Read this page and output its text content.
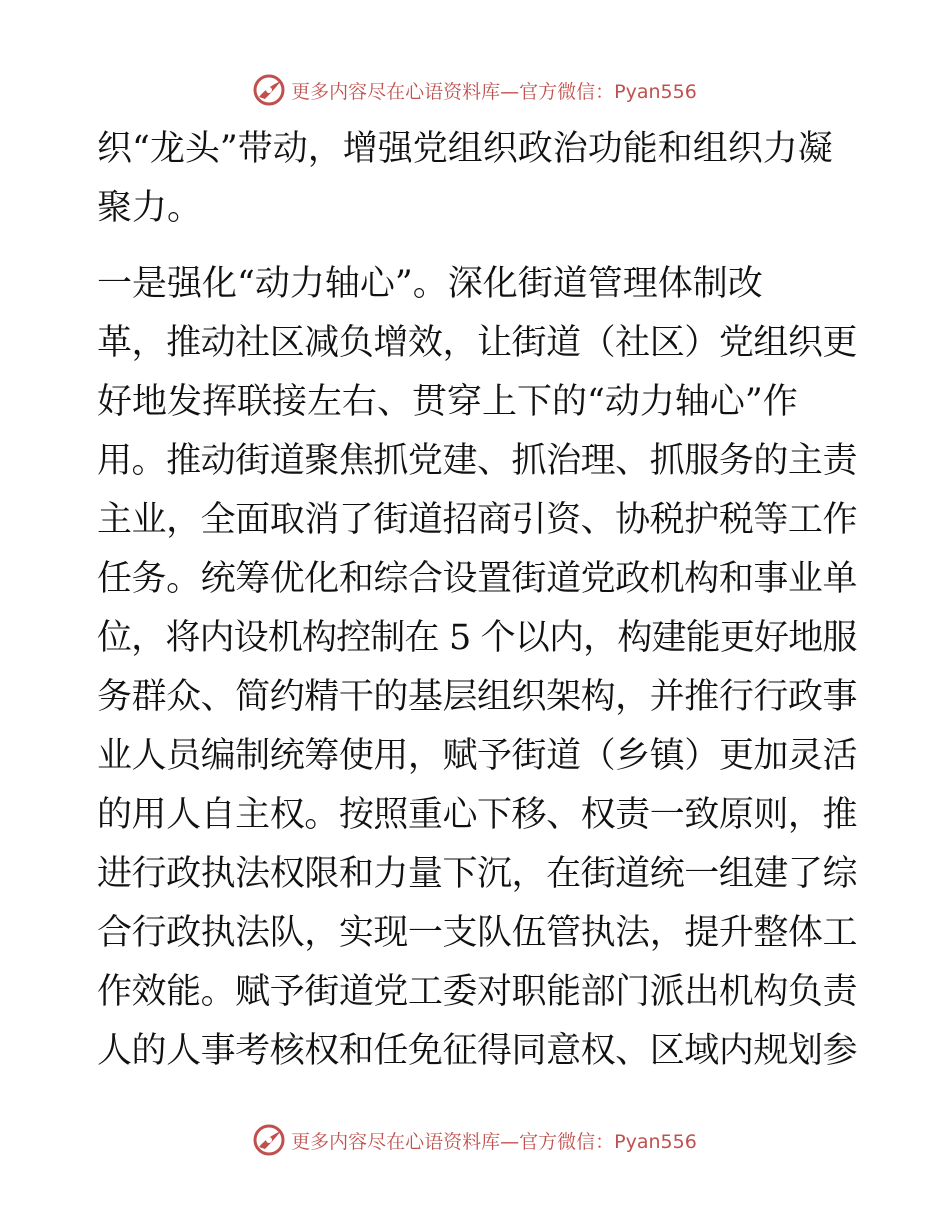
更多内容尽在心语资料库—官方微信：Pyan556
织“龙头”带动，增强党组织政治功能和组织力凝
聚力。
一是强化“动力轴心”。深化街道管理体制改
革，推动社区减负增效，让街道（社区）党组织更
好地发挥联接左右、贯穿上下的“动力轴心”作
用。推动街道聚焦抓党建、抓治理、抓服务的主责
主业，全面取消了街道招商引资、协税护税等工作
任务。统筹优化和综合设置街道党政机构和事业单
位，将内设机构控制在 5 个以内，构建能更好地服
务群众、简约精干的基层组织架构，并推行行政事
业人员编制统筹使用，赋予街道（乡镇）更加灵活
的用人自主权。按照重心下移、权责一致原则，推
进行政执法权限和力量下沉，在街道统一组建了综
合行政执法队，实现一支队伍管执法，提升整体工
作效能。赋予街道党工委对职能部门派出机构负责
人的人事考核权和任免征得同意权、区域内规划参
更多内容尽在心语资料库—官方微信：Pyan556
